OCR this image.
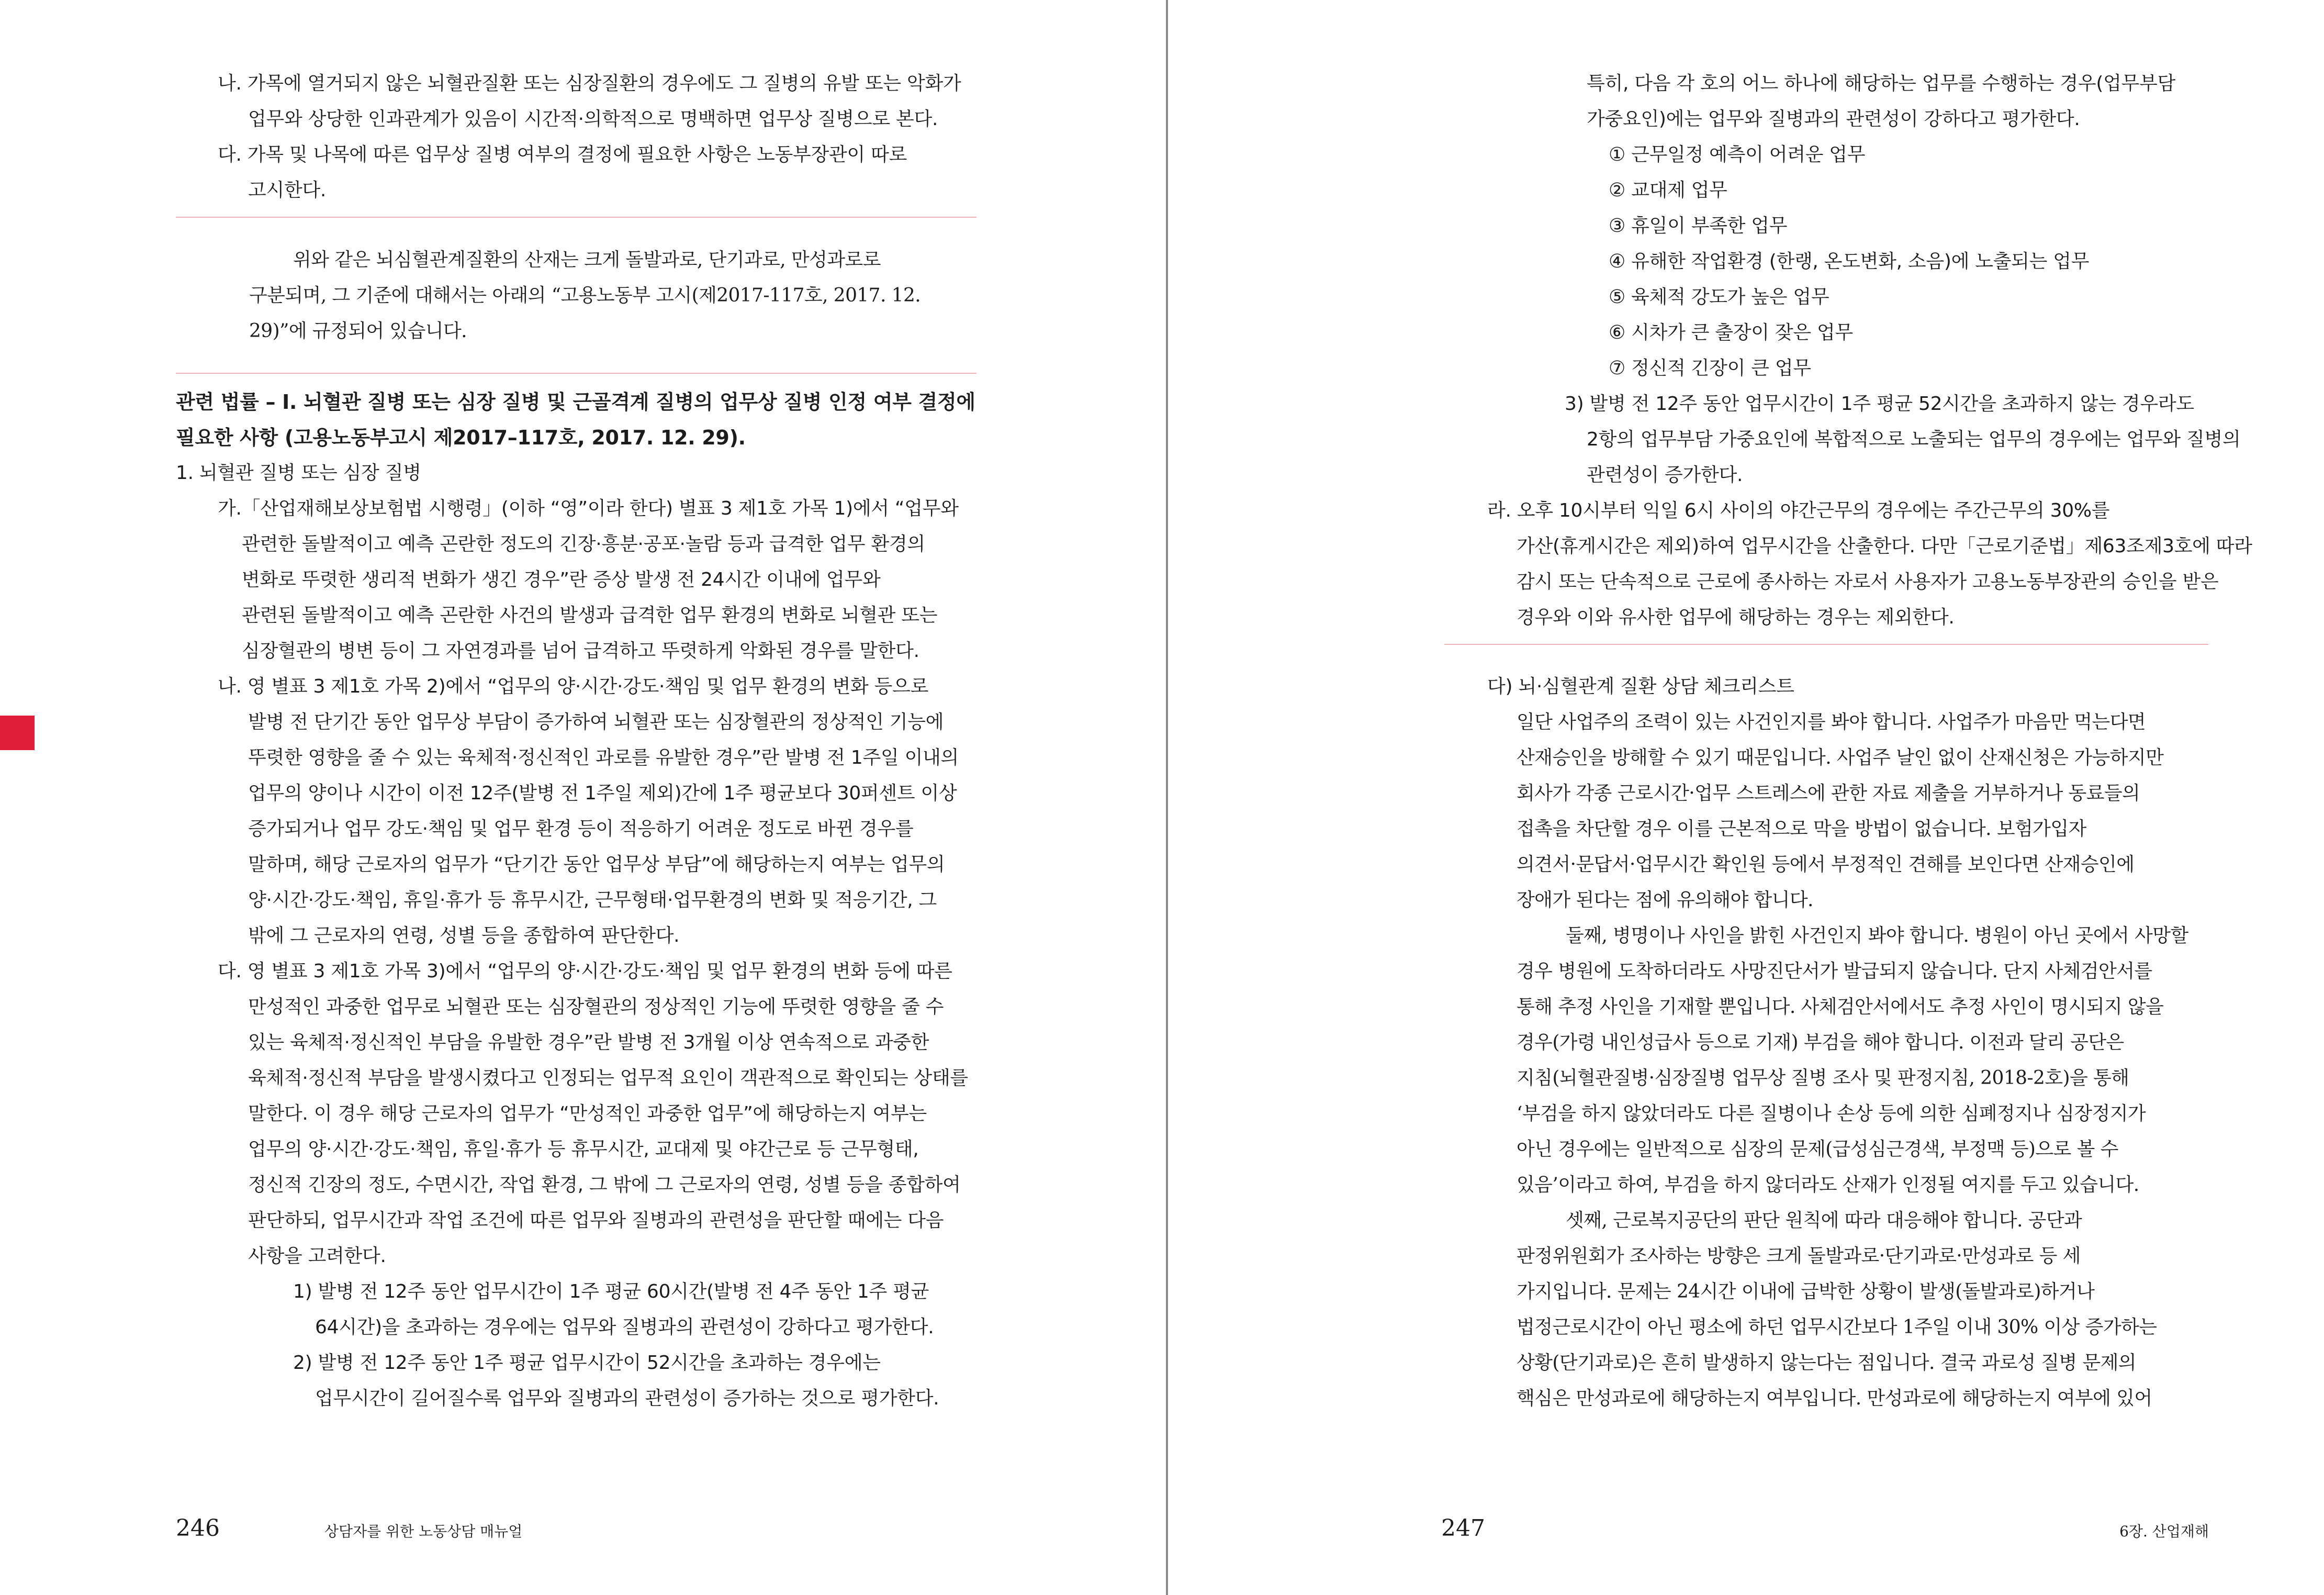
나. 가목에 열거되지 않은 뇌혈관질환 또는 심장질환의 경우에도 그 질병의 유발 또는 악화가
업무와 상당한 인과관계가 있음이 시간적·의학적으로 명백하면 업무상 질병으로 본다.
다. 가목 및 나목에 따른 업무상 질병 여부의 결정에 필요한 사항은 노동부장관이 따로
고시한다.
위와 같은 뇌심혈관계질환의 산재는 크게 돌발과로, 단기과로, 만성과로로
구분되며, 그 기준에 대해서는 아래의 “고용노동부 고시(제2017-117호, 2017. 12.
29)”에 규정되어 있습니다.
관련 법률 – Ⅰ. 뇌혈관 질병 또는 심장 질병 및 근골격계 질병의 업무상 질병 인정 여부 결정에
필요한 사항 (고용노동부고시 제2017–117호, 2017. 12. 29).
1. 뇌혈관 질병 또는 심장 질병
가.「산업재해보상보험법 시행령」(이하 “영”이라 한다) 별표 3 제1호 가목 1)에서 “업무와
관련한 돌발적이고 예측 곤란한 정도의 긴장·흥분·공포·놀람 등과 급격한 업무 환경의
변화로 뚜렷한 생리적 변화가 생긴 경우”란 증상 발생 전 24시간 이내에 업무와
관련된 돌발적이고 예측 곤란한 사건의 발생과 급격한 업무 환경의 변화로 뇌혈관 또는
심장혈관의 병변 등이 그 자연경과를 넘어 급격하고 뚜렷하게 악화된 경우를 말한다.
나. 영 별표 3 제1호 가목 2)에서 “업무의 양·시간·강도·책임 및 업무 환경의 변화 등으로
발병 전 단기간 동안 업무상 부담이 증가하여 뇌혈관 또는 심장혈관의 정상적인 기능에
뚜렷한 영향을 줄 수 있는 육체적·정신적인 과로를 유발한 경우”란 발병 전 1주일 이내의
업무의 양이나 시간이 이전 12주(발병 전 1주일 제외)간에 1주 평균보다 30퍼센트 이상
증가되거나 업무 강도·책임 및 업무 환경 등이 적응하기 어려운 정도로 바뀐 경우를
말하며, 해당 근로자의 업무가 “단기간 동안 업무상 부담”에 해당하는지 여부는 업무의
양·시간·강도·책임, 휴일·휴가 등 휴무시간, 근무형태·업무환경의 변화 및 적응기간, 그
밖에 그 근로자의 연령, 성별 등을 종합하여 판단한다.
다. 영 별표 3 제1호 가목 3)에서 “업무의 양·시간·강도·책임 및 업무 환경의 변화 등에 따른
만성적인 과중한 업무로 뇌혈관 또는 심장혈관의 정상적인 기능에 뚜렷한 영향을 줄 수
있는 육체적·정신적인 부담을 유발한 경우”란 발병 전 3개월 이상 연속적으로 과중한
육체적·정신적 부담을 발생시켰다고 인정되는 업무적 요인이 객관적으로 확인되는 상태를
말한다. 이 경우 해당 근로자의 업무가 “만성적인 과중한 업무”에 해당하는지 여부는
업무의 양·시간·강도·책임, 휴일·휴가 등 휴무시간, 교대제 및 야간근로 등 근무형태,
정신적 긴장의 정도, 수면시간, 작업 환경, 그 밖에 그 근로자의 연령, 성별 등을 종합하여
판단하되, 업무시간과 작업 조건에 따른 업무와 질병과의 관련성을 판단할 때에는 다음
사항을 고려한다.
1) 발병 전 12주 동안 업무시간이 1주 평균 60시간(발병 전 4주 동안 1주 평균
64시간)을 초과하는 경우에는 업무와 질병과의 관련성이 강하다고 평가한다.
2) 발병 전 12주 동안 1주 평균 업무시간이 52시간을 초과하는 경우에는
업무시간이 길어질수록 업무와 질병과의 관련성이 증가하는 것으로 평가한다.
246	상담자를 위한 노동상담 매뉴얼
특히, 다음 각 호의 어느 하나에 해당하는 업무를 수행하는 경우(업무부담
가중요인)에는 업무와 질병과의 관련성이 강하다고 평가한다.
① 근무일정 예측이 어려운 업무
② 교대제 업무
③ 휴일이 부족한 업무
④ 유해한 작업환경 (한랭, 온도변화, 소음)에 노출되는 업무
⑤ 육체적 강도가 높은 업무
⑥ 시차가 큰 출장이 잦은 업무
⑦ 정신적 긴장이 큰 업무
3) 발병 전 12주 동안 업무시간이 1주 평균 52시간을 초과하지 않는 경우라도
2항의 업무부담 가중요인에 복합적으로 노출되는 업무의 경우에는 업무와 질병의
관련성이 증가한다.
라. 오후 10시부터 익일 6시 사이의 야간근무의 경우에는 주간근무의 30%를
가산(휴게시간은 제외)하여 업무시간을 산출한다. 다만「근로기준법」제63조제3호에 따라
감시 또는 단속적으로 근로에 종사하는 자로서 사용자가 고용노동부장관의 승인을 받은
경우와 이와 유사한 업무에 해당하는 경우는 제외한다.
다) 뇌·심혈관계 질환 상담 체크리스트
일단 사업주의 조력이 있는 사건인지를 봐야 합니다. 사업주가 마음만 먹는다면
산재승인을 방해할 수 있기 때문입니다. 사업주 날인 없이 산재신청은 가능하지만
회사가 각종 근로시간·업무 스트레스에 관한 자료 제출을 거부하거나 동료들의
접촉을 차단할 경우 이를 근본적으로 막을 방법이 없습니다. 보험가입자
의견서·문답서·업무시간 확인원 등에서 부정적인 견해를 보인다면 산재승인에
장애가 된다는 점에 유의해야 합니다.
둘째, 병명이나 사인을 밝힌 사건인지 봐야 합니다. 병원이 아닌 곳에서 사망할
경우 병원에 도착하더라도 사망진단서가 발급되지 않습니다. 단지 사체검안서를
통해 추정 사인을 기재할 뿐입니다. 사체검안서에서도 추정 사인이 명시되지 않을
경우(가령 내인성급사 등으로 기재) 부검을 해야 합니다. 이전과 달리 공단은
지침(뇌혈관질병·심장질병 업무상 질병 조사 및 판정지침, 2018-2호)을 통해
‘부검을 하지 않았더라도 다른 질병이나 손상 등에 의한 심폐정지나 심장정지가
아닌 경우에는 일반적으로 심장의 문제(급성심근경색, 부정맥 등)으로 볼 수
있음’이라고 하여, 부검을 하지 않더라도 산재가 인정될 여지를 두고 있습니다.
셋째, 근로복지공단의 판단 원칙에 따라 대응해야 합니다. 공단과
판정위원회가 조사하는 방향은 크게 돌발과로·단기과로·만성과로 등 세
가지입니다. 문제는 24시간 이내에 급박한 상황이 발생(돌발과로)하거나
법정근로시간이 아닌 평소에 하던 업무시간보다 1주일 이내 30% 이상 증가하는
상황(단기과로)은 흔히 발생하지 않는다는 점입니다. 결국 과로성 질병 문제의
핵심은 만성과로에 해당하는지 여부입니다. 만성과로에 해당하는지 여부에 있어
247	6장. 산업재해
